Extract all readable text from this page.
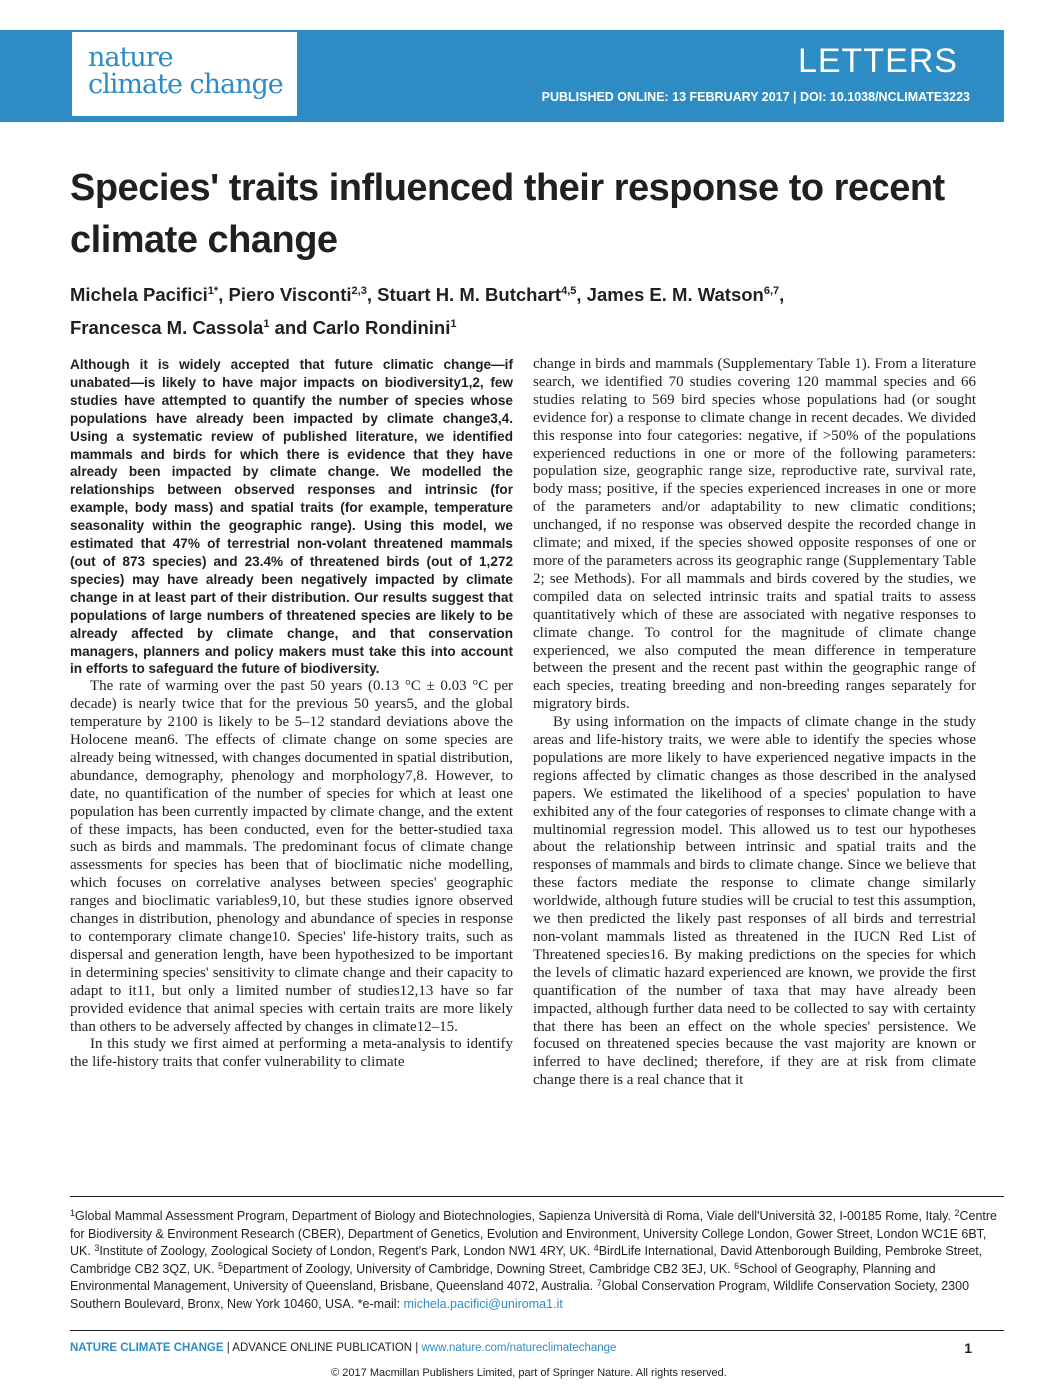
nature
climate change
LETTERS
PUBLISHED ONLINE: 13 FEBRUARY 2017 | DOI: 10.1038/NCLIMATE3223
Species' traits influenced their response to recent climate change
Michela Pacifici$^{1*}$, Piero Visconti$^{2,3}$, Stuart H. M. Butchart$^{4,5}$, James E. M. Watson$^{6,7}$,
Francesca M. Cassola$^1$ and Carlo Rondinini$^1$

Although it is widely accepted that future climatic change—if unabated—is likely to have major impacts on biodiversity1,2, few studies have attempted to quantify the number of species whose populations have already been impacted by climate change3,4. Using a systematic review of published literature, we identified mammals and birds for which there is evidence that they have already been impacted by climate change. We modelled the relationships between observed responses and intrinsic (for example, body mass) and spatial traits (for example, temperature seasonality within the geographic range). Using this model, we estimated that 47% of terrestrial non-volant threatened mammals (out of 873 species) and 23.4% of threatened birds (out of 1,272 species) may have already been negatively impacted by climate change in at least part of their distribution. Our results suggest that populations of large numbers of threatened species are likely to be already affected by climate change, and that conservation managers, planners and policy makers must take this into account in efforts to safeguard the future of biodiversity.

The rate of warming over the past 50 years (0.13 °C ± 0.03 °C per decade) is nearly twice that for the previous 50 years5, and the global temperature by 2100 is likely to be 5–12 standard deviations above the Holocene mean6. The effects of climate change on some species are already being witnessed, with changes documented in spatial distribution, abundance, demography, phenology and morphology7,8. However, to date, no quantification of the number of species for which at least one population has been currently impacted by climate change, and the extent of these impacts, has been conducted, even for the better-studied taxa such as birds and mammals. The predominant focus of climate change assessments for species has been that of bioclimatic niche modelling, which focuses on correlative analyses between species' geographic ranges and bioclimatic variables9,10, but these studies ignore observed changes in distribution, phenology and abundance of species in response to contemporary climate change10. Species' life-history traits, such as dispersal and generation length, have been hypothesized to be important in determining species' sensitivity to climate change and their capacity to adapt to it11, but only a limited number of studies12,13 have so far provided evidence that animal species with certain traits are more likely than others to be adversely affected by changes in climate12–15.

In this study we first aimed at performing a meta-analysis to identify the life-history traits that confer vulnerability to climate

change in birds and mammals (Supplementary Table 1). From a literature search, we identified 70 studies covering 120 mammal species and 66 studies relating to 569 bird species whose populations had (or sought evidence for) a response to climate change in recent decades. We divided this response into four categories: negative, if >50% of the populations experienced reductions in one or more of the following parameters: population size, geographic range size, reproductive rate, survival rate, body mass; positive, if the species experienced increases in one or more of the parameters and/or adaptability to new climatic conditions; unchanged, if no response was observed despite the recorded change in climate; and mixed, if the species showed opposite responses of one or more of the parameters across its geographic range (Supplementary Table 2; see Methods). For all mammals and birds covered by the studies, we compiled data on selected intrinsic traits and spatial traits to assess quantitatively which of these are associated with negative responses to climate change. To control for the magnitude of climate change experienced, we also computed the mean difference in temperature between the present and the recent past within the geographic range of each species, treating breeding and non-breeding ranges separately for migratory birds.

By using information on the impacts of climate change in the study areas and life-history traits, we were able to identify the species whose populations are more likely to have experienced negative impacts in the regions affected by climatic changes as those described in the analysed papers. We estimated the likelihood of a species' population to have exhibited any of the four categories of responses to climate change with a multinomial regression model. This allowed us to test our hypotheses about the relationship between intrinsic and spatial traits and the responses of mammals and birds to climate change. Since we believe that these factors mediate the response to climate change similarly worldwide, although future studies will be crucial to test this assumption, we then predicted the likely past responses of all birds and terrestrial non-volant mammals listed as threatened in the IUCN Red List of Threatened species16. By making predictions on the species for which the levels of climatic hazard experienced are known, we provide the first quantification of the number of taxa that may have already been impacted, although further data need to be collected to say with certainty that there has been an effect on the whole species' persistence. We focused on threatened species because the vast majority are known or inferred to have declined; therefore, if they are at risk from climate change there is a real chance that it

$^1$Global Mammal Assessment Program, Department of Biology and Biotechnologies, Sapienza Università di Roma, Viale dell'Università 32, I-00185 Rome, Italy. $^2$Centre for Biodiversity & Environment Research (CBER), Department of Genetics, Evolution and Environment, University College London, Gower Street, London WC1E 6BT, UK. $^3$Institute of Zoology, Zoological Society of London, Regent's Park, London NW1 4RY, UK. $^4$BirdLife International, David Attenborough Building, Pembroke Street, Cambridge CB2 3QZ, UK. $^5$Department of Zoology, University of Cambridge, Downing Street, Cambridge CB2 3EJ, UK. $^6$School of Geography, Planning and Environmental Management, University of Queensland, Brisbane, Queensland 4072, Australia. $^7$Global Conservation Program, Wildlife Conservation Society, 2300 Southern Boulevard, Bronx, New York 10460, USA. *e-mail: michela.pacifici@uniroma1.it
NATURE CLIMATE CHANGE | ADVANCE ONLINE PUBLICATION | www.nature.com/natureclimatechange	1
© 2017 Macmillan Publishers Limited, part of Springer Nature. All rights reserved.
